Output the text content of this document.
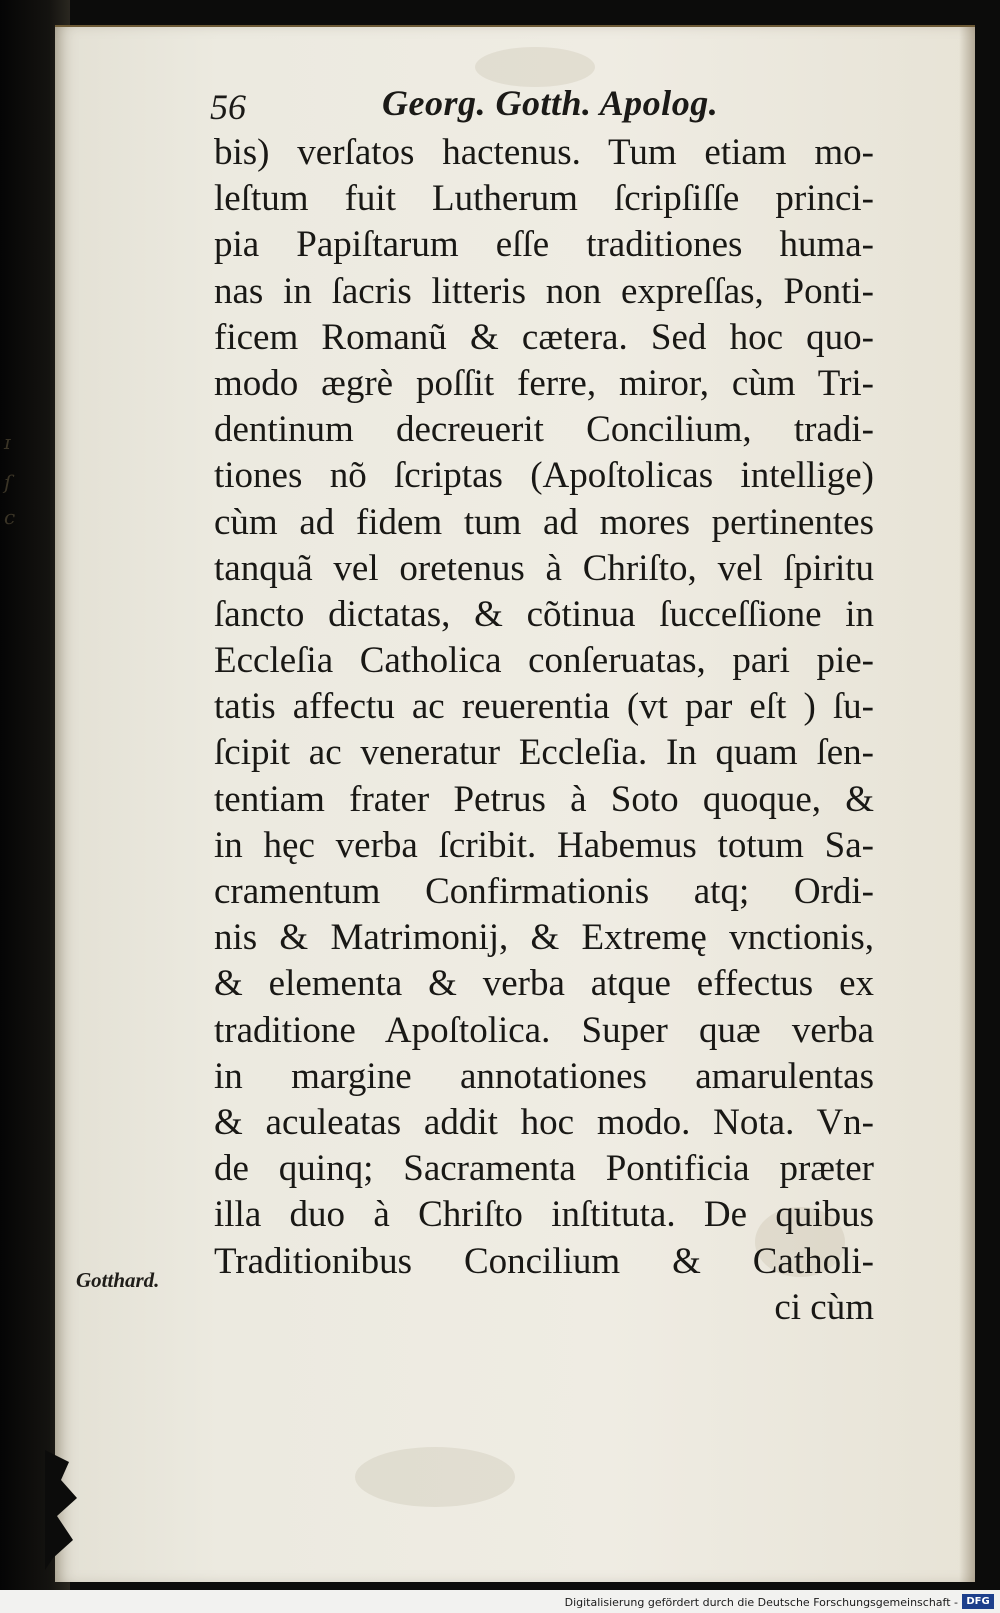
ɪ
ſ
c
56	Georg. Gotth. Apolog.
bis) verſatos hactenus. Tum etiam mo-
leſtum fuit Lutherum ſcripſiſſe princi-
pia Papiſtarum eſſe traditiones huma-
nas in ſacris litteris non expreſſas, Ponti-
ficem Romanũ & cætera. Sed hoc quo-
modo ægrè poſſit ferre, miror, cùm Tri-
dentinum decreuerit Concilium, tradi-
tiones nõ ſcriptas (Apoſtolicas intellige)
cùm ad fidem tum ad mores pertinentes
tanquã vel oretenus à Chriſto, vel ſpiritu
ſancto dictatas, & cõtinua ſucceſſione in
Eccleſia Catholica conſeruatas, pari pie-
tatis affectu ac reuerentia (vt par eſt ) ſu-
ſcipit ac veneratur Eccleſia. In quam ſen-
tentiam frater Petrus à Soto quoque, &
in hęc verba ſcribit. Habemus totum Sa-
cramentum Confirmationis atq; Ordi-
nis & Matrimonij, & Extremę vnctionis,
& elementa & verba atque effectus ex
traditione Apoſtolica. Super quæ verba
in margine annotationes amarulentas
& aculeatas addit hoc modo. Nota. Vn-
de quinq; Sacramenta Pontificia præter
illa duo à Chriſto inſtituta. De quibus
Traditionibus Concilium & Catholi-
ci cùm
Gotthard.
Digitalisierung gefördert durch die Deutsche Forschungsgemeinschaft - DFG
